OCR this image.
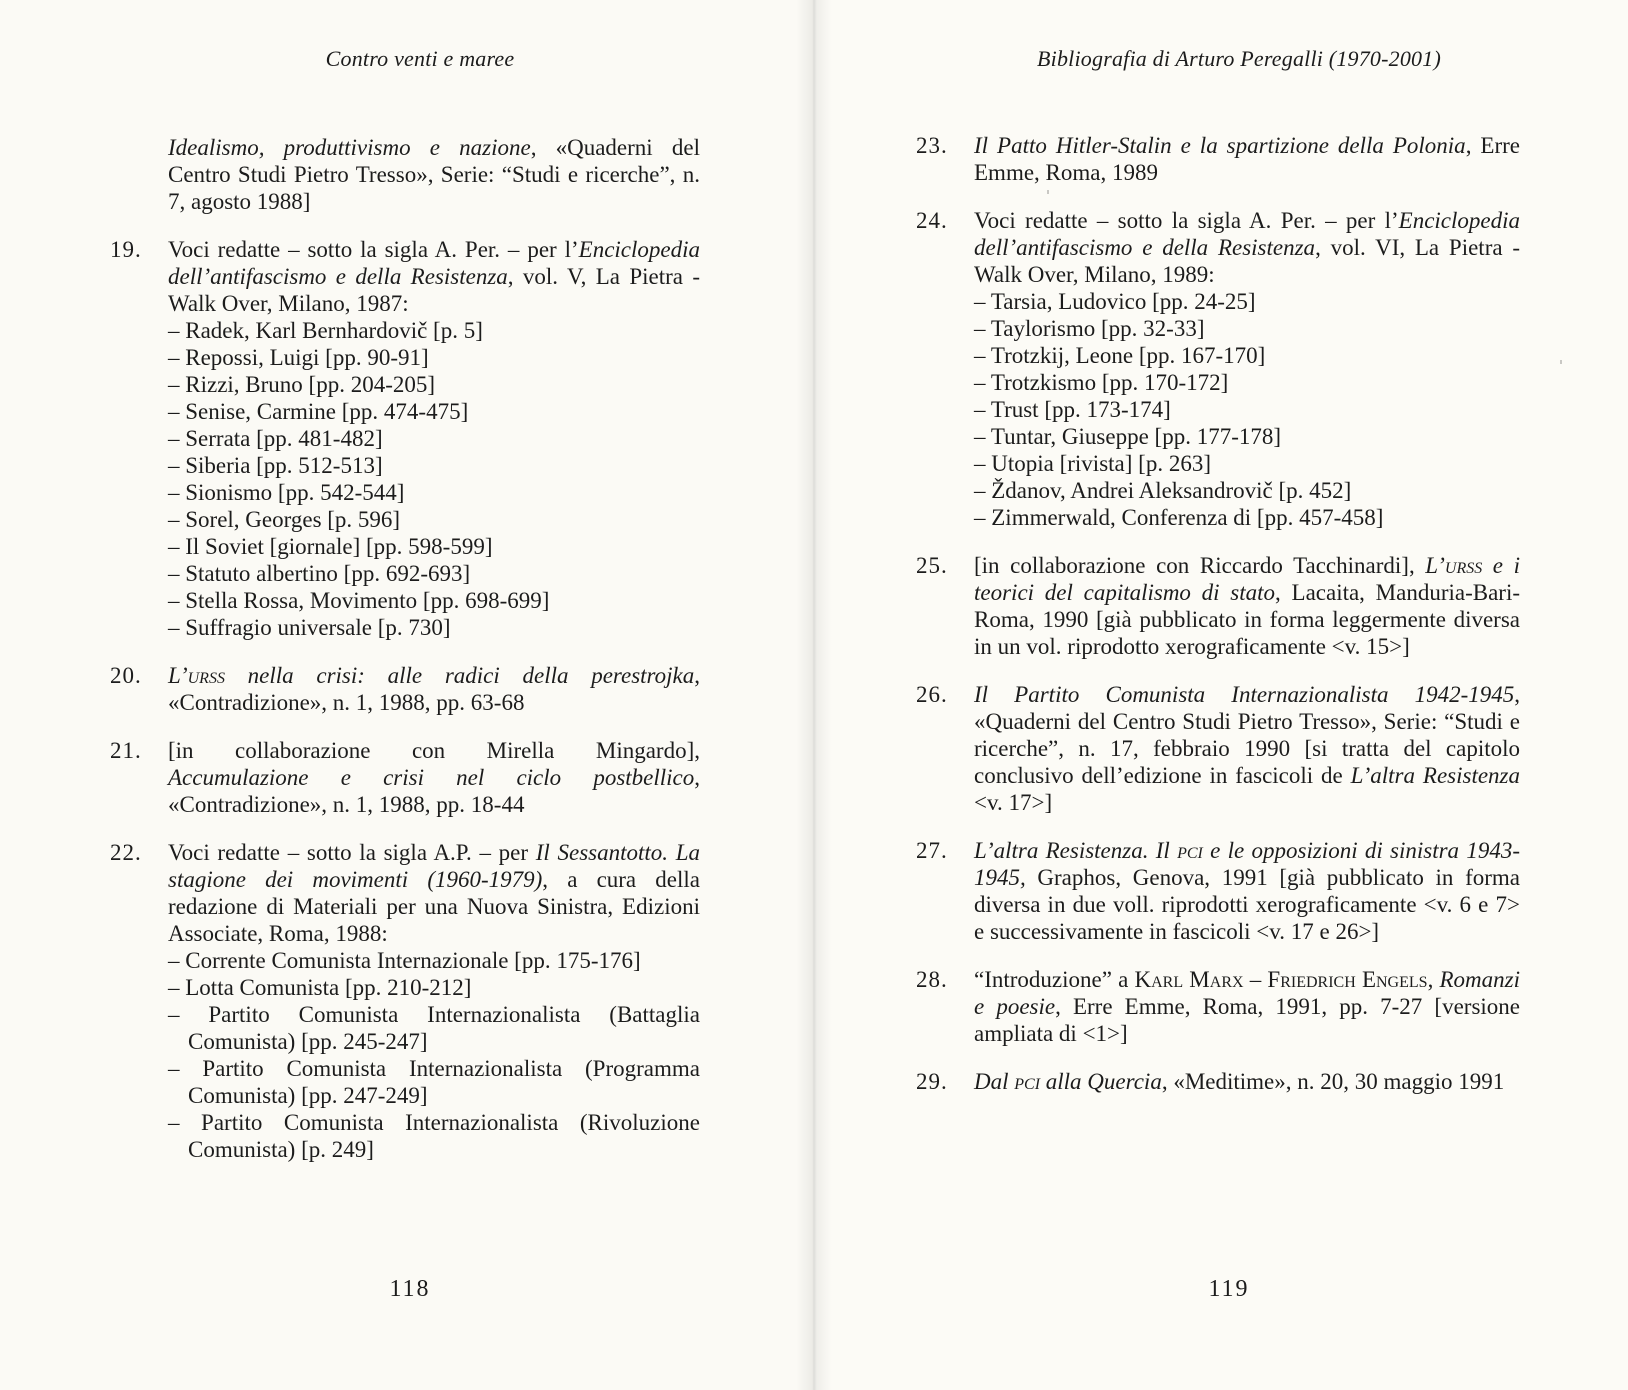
Contro venti e maree
Idealismo, produttivismo e nazione, «Quaderni del Centro Studi Pietro Tresso», Serie: “Studi e ricerche”, n. 7, agosto 1988]
19.	Voci redatte – sotto la sigla A. Per. – per l’Enciclopedia dell’antifascismo e della Resistenza, vol. V, La Pietra - Walk Over, Milano, 1987:
– Radek, Karl Bernhardovič [p. 5]
– Repossi, Luigi [pp. 90-91]
– Rizzi, Bruno [pp. 204-205]
– Senise, Carmine [pp. 474-475]
– Serrata [pp. 481-482]
– Siberia [pp. 512-513]
– Sionismo [pp. 542-544]
– Sorel, Georges [p. 596]
– Il Soviet [giornale] [pp. 598-599]
– Statuto albertino [pp. 692-693]
– Stella Rossa, Movimento [pp. 698-699]
– Suffragio universale [p. 730]
20.	L’urss nella crisi: alle radici della perestrojka, «Contradizione», n. 1, 1988, pp. 63-68
21.	[in collaborazione con Mirella Mingardo], Accumulazione e crisi nel ciclo postbellico, «Contradizione», n. 1, 1988, pp. 18-44
22.	Voci redatte – sotto la sigla A.P. – per Il Sessantotto. La stagione dei movimenti (1960-1979), a cura della redazione di Materiali per una Nuova Sinistra, Edizioni Associate, Roma, 1988:
– Corrente Comunista Internazionale [pp. 175-176]
– Lotta Comunista [pp. 210-212]
– Partito Comunista Internazionalista (Battaglia Comunista) [pp. 245-247]
– Partito Comunista Internazionalista (Programma Comunista) [pp. 247-249]
– Partito Comunista Internazionalista (Rivoluzione Comunista) [p. 249]
118
Bibliografia di Arturo Peregalli (1970-2001)
23.	Il Patto Hitler-Stalin e la spartizione della Polonia, Erre Emme, Roma, 1989
24.	Voci redatte – sotto la sigla A. Per. – per l’Enciclopedia dell’antifascismo e della Resistenza, vol. VI, La Pietra - Walk Over, Milano, 1989:
– Tarsia, Ludovico [pp. 24-25]
– Taylorismo [pp. 32-33]
– Trotzkij, Leone [pp. 167-170]
– Trotzkismo [pp. 170-172]
– Trust [pp. 173-174]
– Tuntar, Giuseppe [pp. 177-178]
– Utopia [rivista] [p. 263]
– Ždanov, Andrei Aleksandrovič [p. 452]
– Zimmerwald, Conferenza di [pp. 457-458]
25.	[in collaborazione con Riccardo Tacchinardi], L’urss e i teorici del capitalismo di stato, Lacaita, Manduria-Bari-Roma, 1990 [già pubblicato in forma leggermente diversa in un vol. riprodotto xerograficamente <v. 15>]
26.	Il Partito Comunista Internazionalista 1942-1945, «Quaderni del Centro Studi Pietro Tresso», Serie: “Studi e ricerche”, n. 17, febbraio 1990 [si tratta del capitolo conclusivo dell’edizione in fascicoli de L’altra Resistenza <v. 17>]
27.	L’altra Resistenza. Il pci e le opposizioni di sinistra 1943-1945, Graphos, Genova, 1991 [già pubblicato in forma diversa in due voll. riprodotti xerograficamente <v. 6 e 7> e successivamente in fascicoli <v. 17 e 26>]
28.	“Introduzione” a Karl Marx – Friedrich Engels, Romanzi e poesie, Erre Emme, Roma, 1991, pp. 7-27 [versione ampliata di <1>]
29.	Dal pci alla Quercia, «Meditime», n. 20, 30 maggio 1991
119
